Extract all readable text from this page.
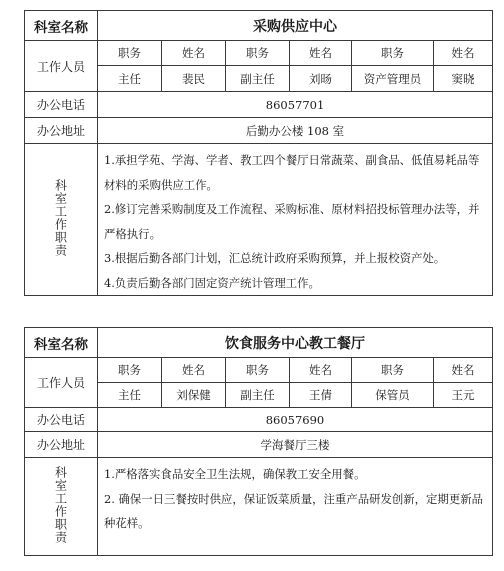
科室名称	采购供应中心					
工作人员	职务	姓名	职务	姓名	职务	姓名
	主任	裴民	副主任	刘旸	资产管理员	窦晓
办公电话	86057701					
办公地址	后勤办公楼 108 室					
科室工作职责	1.承担学苑、学海、学者、教工四个餐厅日常蔬菜、副食品、低值易耗品等材料的采购供应工作。

2.修订完善采购制度及工作流程、采购标准、原材料招投标管理办法等，并严格执行。

3.根据后勤各部门计划，汇总统计政府采购预算，并上报校资产处。

4.负责后勤各部门固定资产统计管理工作。					

科室名称	饮食服务中心教工餐厅					
工作人员	职务	姓名	职务	姓名	职务	姓名
	主任	刘保健	副主任	王倩	保管员	王元
办公电话	86057690					
办公地址	学海餐厅三楼					
科室工作职责	1.严格落实食品安全卫生法规，确保教工安全用餐。

2. 确保一日三餐按时供应，保证饭菜质量，注重产品研发创新，定期更新品种花样。					
